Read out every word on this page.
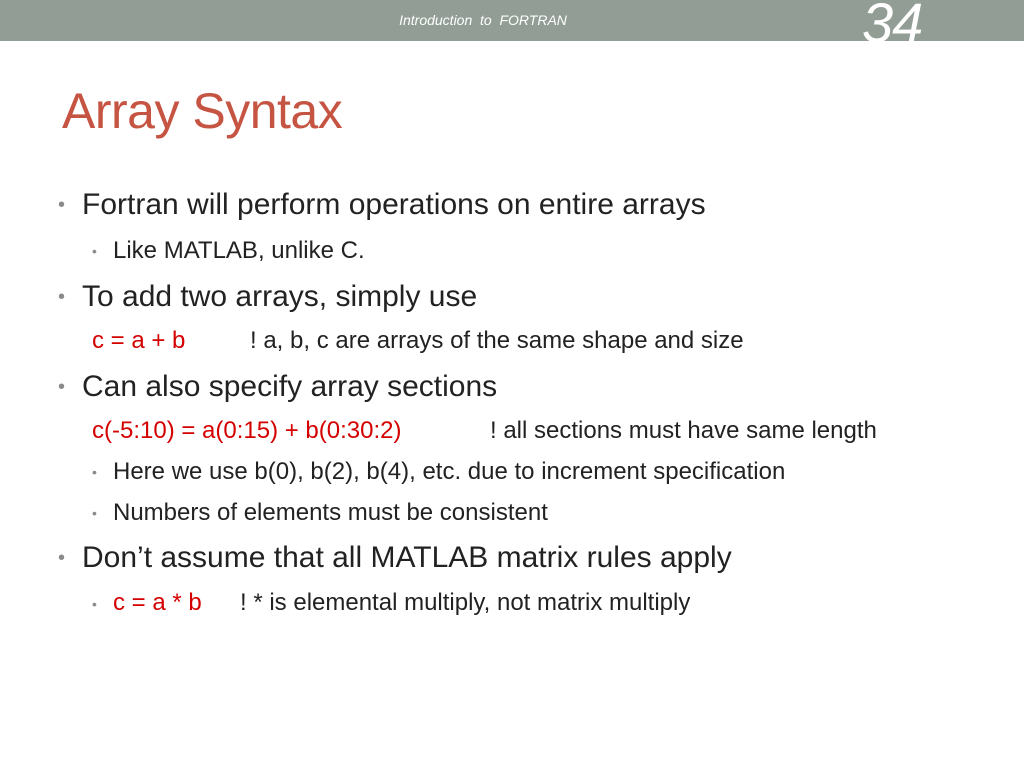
Introduction  to  FORTRAN	34
Array Syntax
• Fortran will perform operations on entire arrays
• Like MATLAB, unlike C.
• To add two arrays, simply use
c = a + b	! a, b, c are arrays of the same shape and size
• Can also specify array sections
c(-5:10) = a(0:15) + b(0:30:2)	! all sections must have same length
• Here we use b(0), b(2), b(4), etc. due to increment specification
• Numbers of elements must be consistent
• Don’t assume that all MATLAB matrix rules apply
• c = a * b ! * is elemental multiply, not matrix multiply
